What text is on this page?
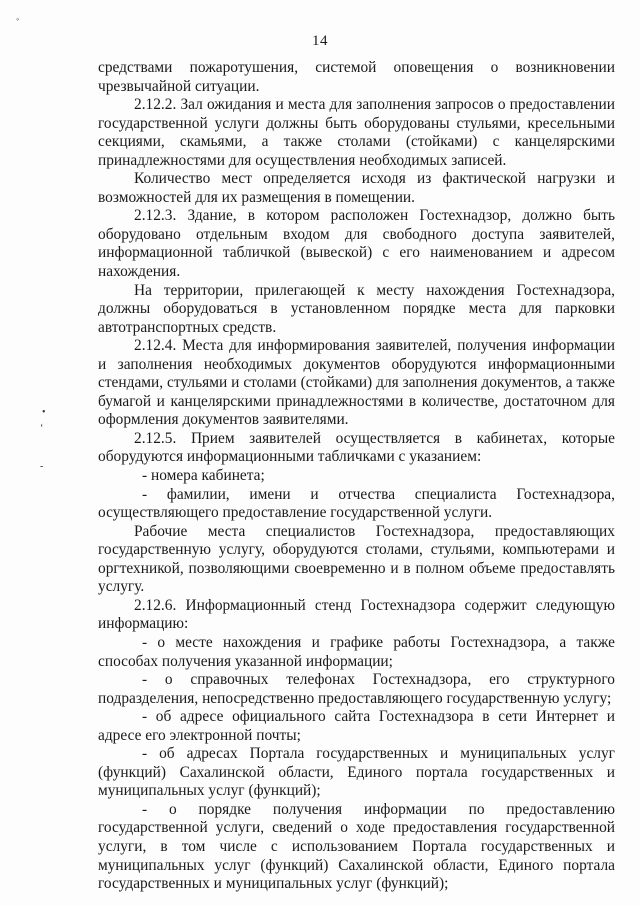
◦
•
‘
-
14

средствами пожаротушения, системой оповещения о возникновении чрезвычайной ситуации.

2.12.2. Зал ожидания и места для заполнения запросов о предоставлении государственной услуги должны быть оборудованы стульями, кресельными секциями, скамьями, а также столами (стойками) с канцелярскими принадлежностями для осуществления необходимых записей.

Количество мест определяется исходя из фактической нагрузки и возможностей для их размещения в помещении.

2.12.3. Здание, в котором расположен Гостехнадзор, должно быть оборудовано отдельным входом для свободного доступа заявителей, информационной табличкой (вывеской) с его наименованием и адресом нахождения.

На территории, прилегающей к месту нахождения Гостехнадзора, должны оборудоваться в установленном порядке места для парковки автотранспортных средств.

2.12.4. Места для информирования заявителей, получения информации и заполнения необходимых документов оборудуются информационными стендами, стульями и столами (стойками) для заполнения документов, а также бумагой и канцелярскими принадлежностями в количестве, достаточном для оформления документов заявителями.

2.12.5. Прием заявителей осуществляется в кабинетах, которые оборудуются информационными табличками с указанием:

- номера кабинета;

- фамилии, имени и отчества специалиста Гостехнадзора, осуществляющего предоставление государственной услуги.

Рабочие места специалистов Гостехнадзора, предоставляющих государственную услугу, оборудуются столами, стульями, компьютерами и оргтехникой, позволяющими своевременно и в полном объеме предоставлять услугу.

2.12.6. Информационный стенд Гостехнадзора содержит следующую информацию:

- о месте нахождения и графике работы Гостехнадзора, а также способах получения указанной информации;

- о справочных телефонах Гостехнадзора, его структурного подразделения, непосредственно предоставляющего государственную услугу;

- об адресе официального сайта Гостехнадзора в сети Интернет и адресе его электронной почты;

- об адресах Портала государственных и муниципальных услуг (функций) Сахалинской области, Единого портала государственных и муниципальных услуг (функций);

- о порядке получения информации по предоставлению государственной услуги, сведений о ходе предоставления государственной услуги, в том числе с использованием Портала государственных и муниципальных услуг (функций) Сахалинской области, Единого портала государственных и муниципальных услуг (функций);
